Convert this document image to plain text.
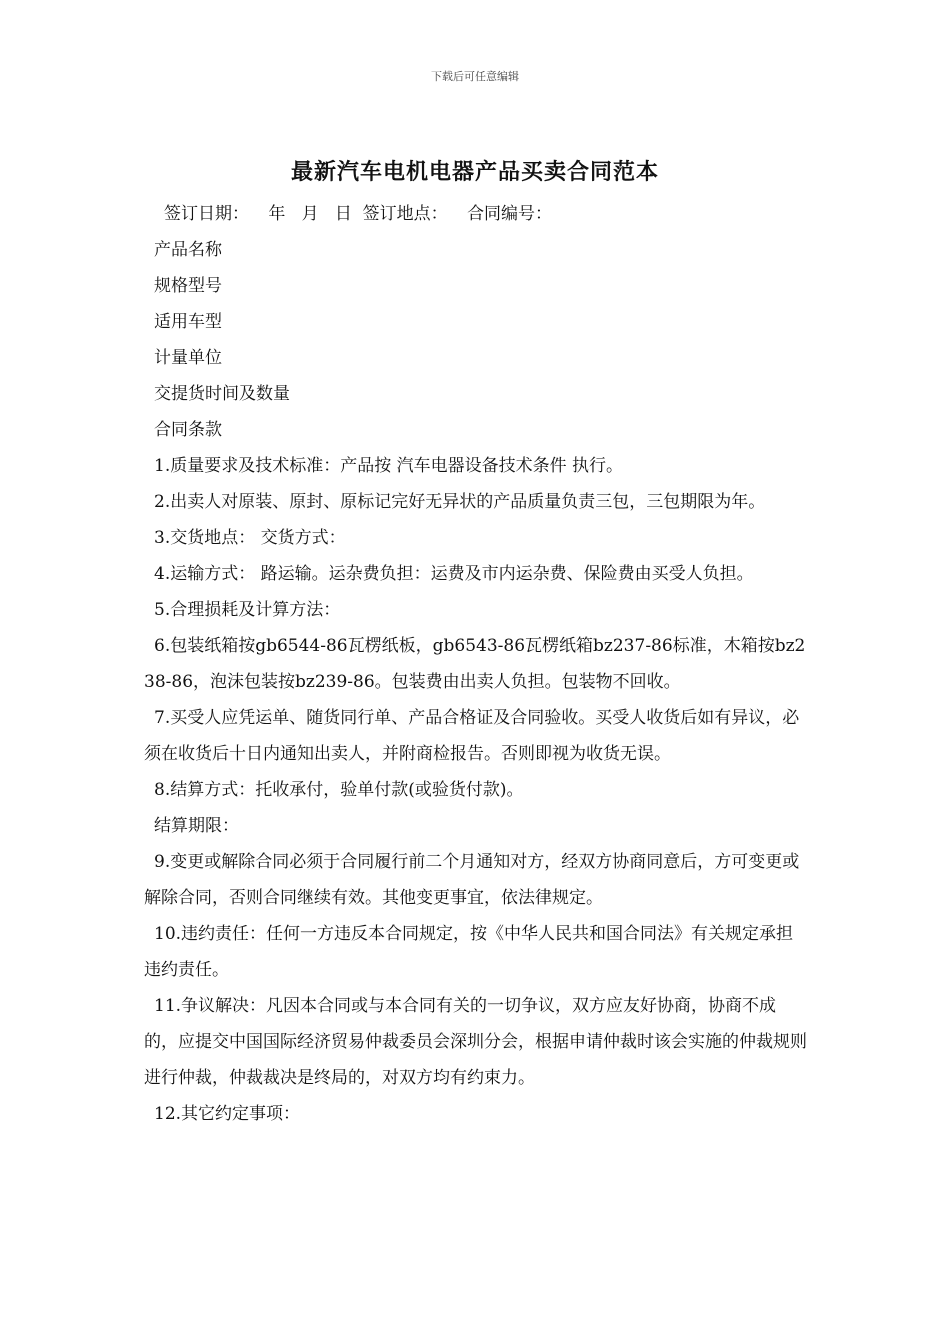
下载后可任意编辑
最新汽车电机电器产品买卖合同范本
签订日期： 年 月 日 签订地点： 合同编号：
产品名称
规格型号
适用车型
计量单位
交提货时间及数量
合同条款
1.质量要求及技术标准：产品按 汽车电器设备技术条件 执行。
2.出卖人对原装、原封、原标记完好无异状的产品质量负责三包，三包期限为年。
3.交货地点： 交货方式：
4.运输方式： 路运输。运杂费负担：运费及市内运杂费、保险费由买受人负担。
5.合理损耗及计算方法：
6.包装纸箱按gb6544-86瓦楞纸板，gb6543-86瓦楞纸箱bz237-86标准，木箱按bz238-86，泡沫包装按bz239-86。包装费由出卖人负担。包装物不回收。
7.买受人应凭运单、随货同行单、产品合格证及合同验收。买受人收货后如有异议，必须在收货后十日内通知出卖人，并附商检报告。否则即视为收货无误。
8.结算方式：托收承付，验单付款(或验货付款)。
结算期限：
9.变更或解除合同必须于合同履行前二个月通知对方，经双方协商同意后，方可变更或解除合同，否则合同继续有效。其他变更事宜，依法律规定。
10.违约责任：任何一方违反本合同规定，按《中华人民共和国合同法》有关规定承担违约责任。
11.争议解决：凡因本合同或与本合同有关的一切争议，双方应友好协商，协商不成的，应提交中国国际经济贸易仲裁委员会深圳分会，根据申请仲裁时该会实施的仲裁规则进行仲裁，仲裁裁决是终局的，对双方均有约束力。
12.其它约定事项：
